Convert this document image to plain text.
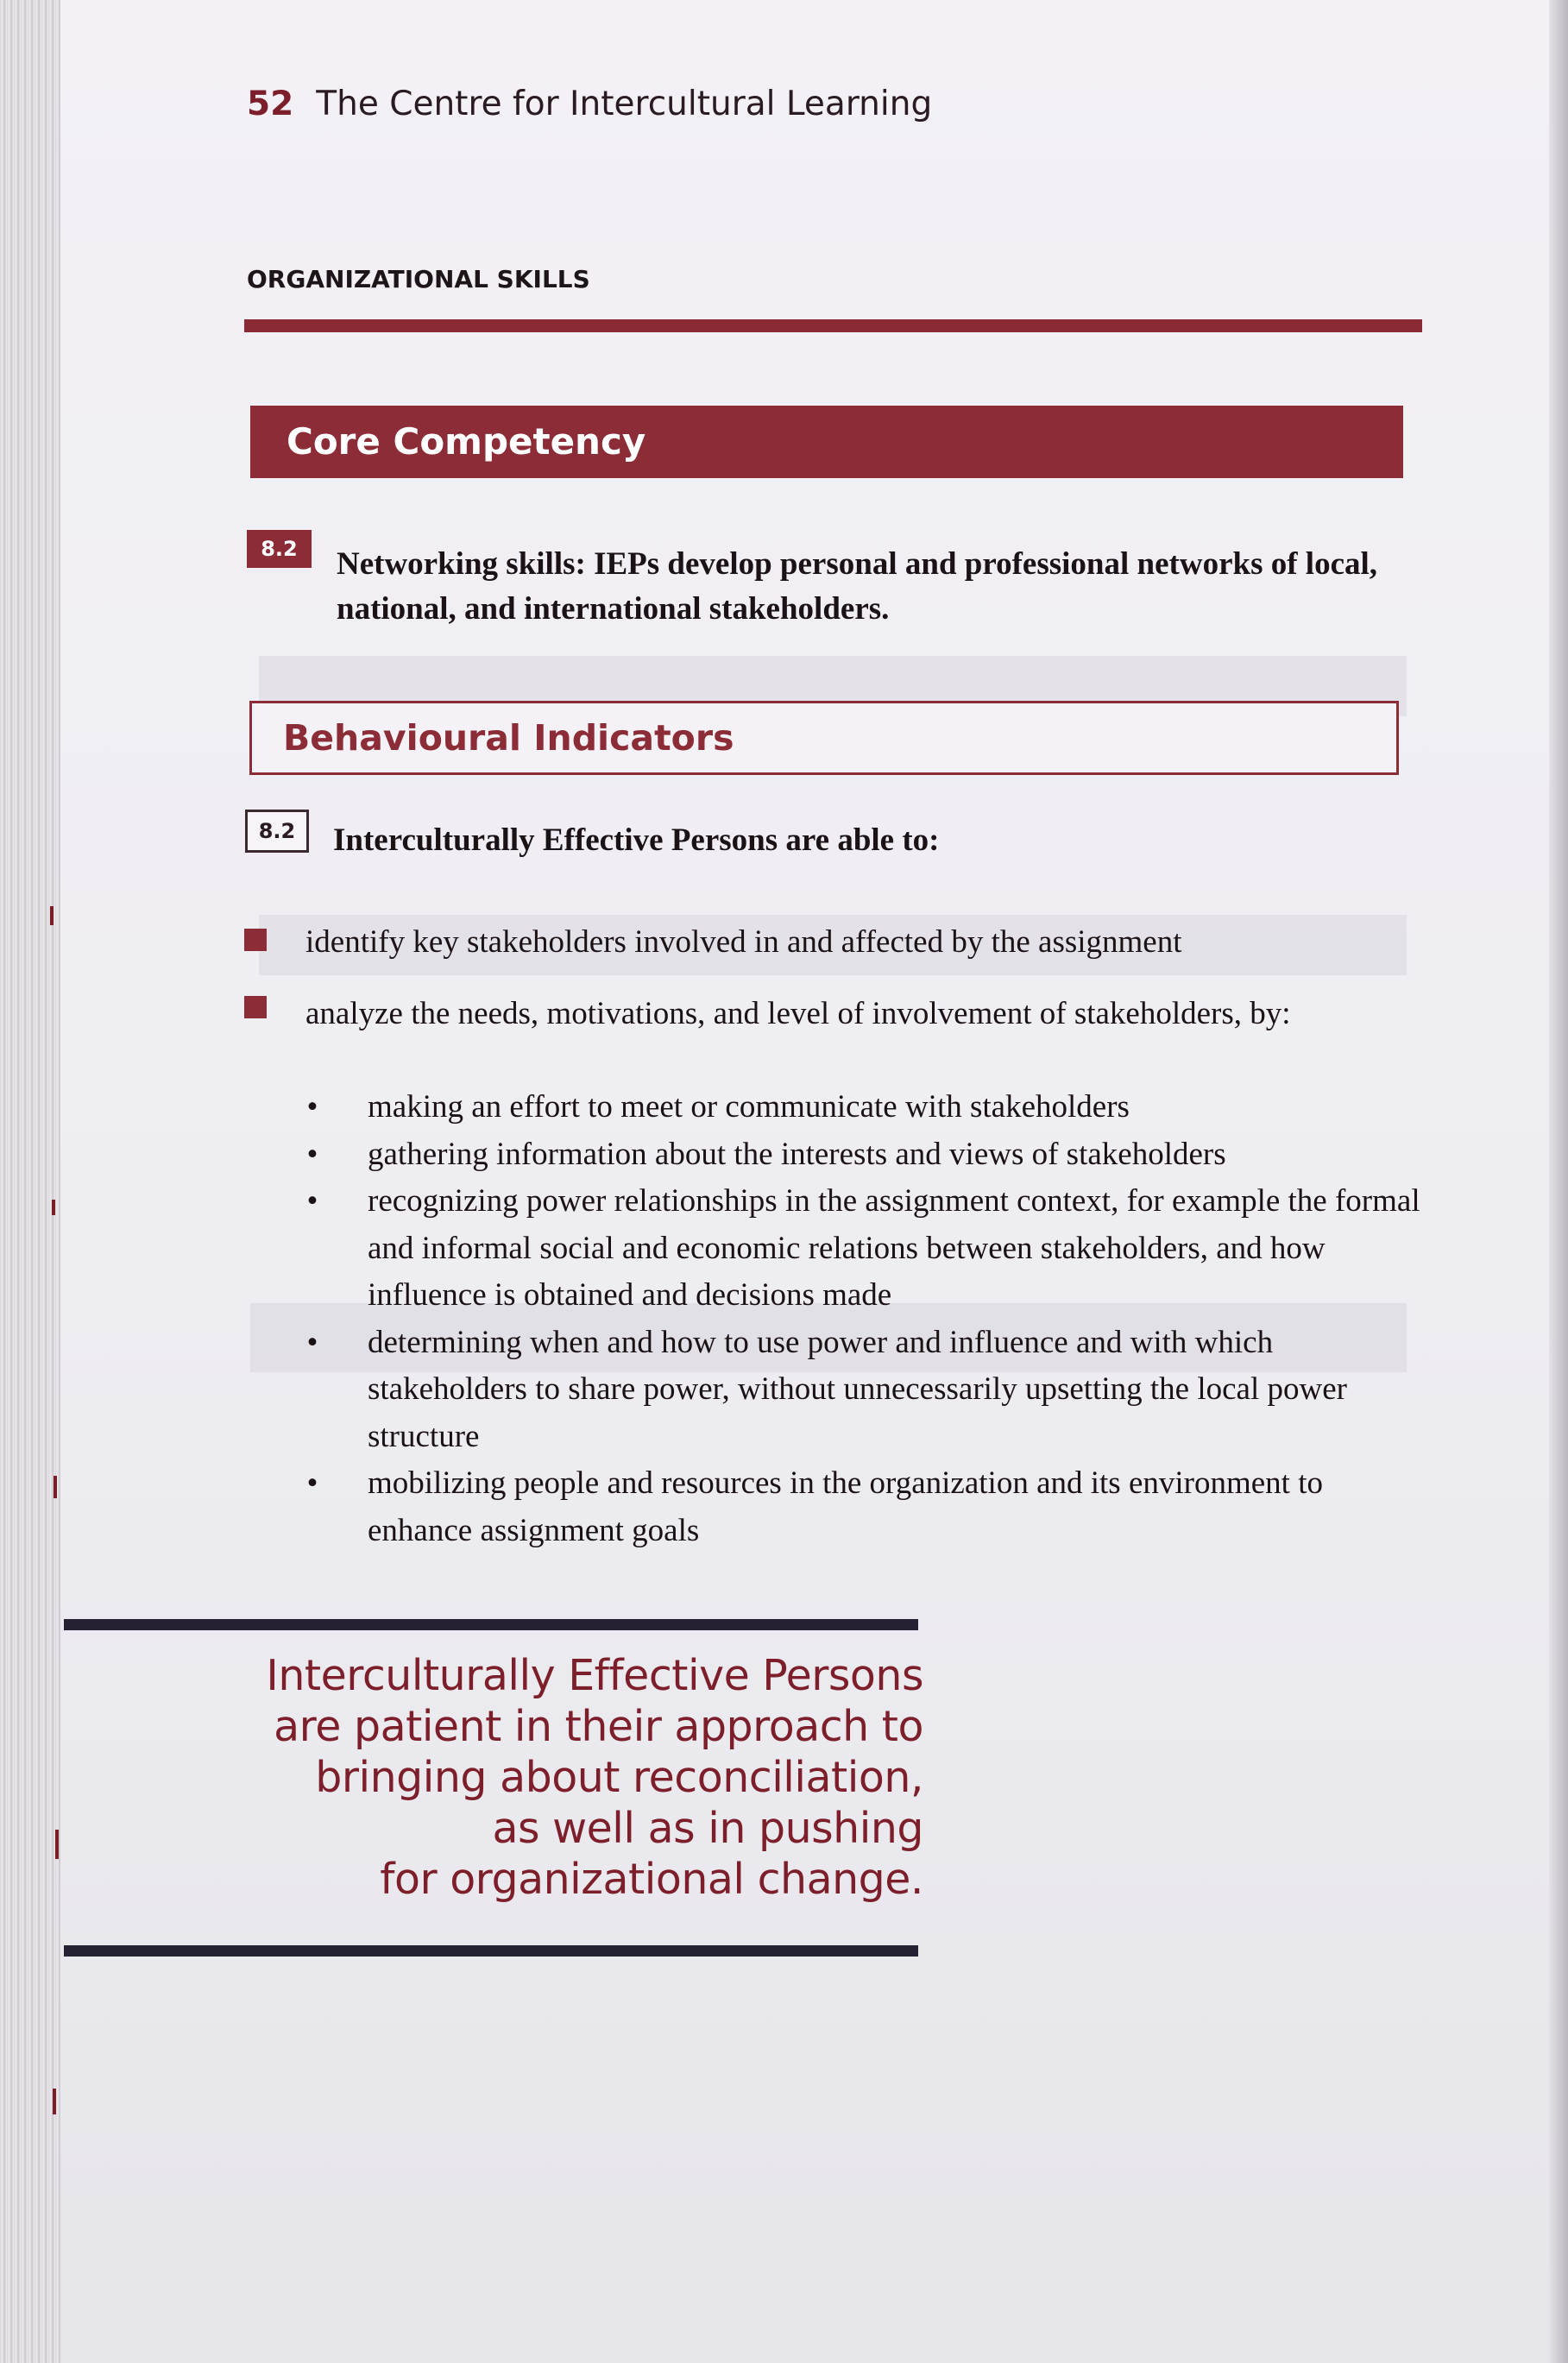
52 The Centre for Intercultural Learning
ORGANIZATIONAL SKILLS
Core Competency
8.2	Networking skills: IEPs develop personal and professional networks of local, national, and international stakeholders.
Behavioural Indicators
8.2	Interculturally Effective Persons are able to:
identify key stakeholders involved in and affected by the assignment
analyze the needs, motivations, and level of involvement of stakeholders, by:
• making an effort to meet or communicate with stakeholders
• gathering information about the interests and views of stakeholders
• recognizing power relationships in the assignment context, for example the formal and informal social and economic relations between stakeholders, and how influence is obtained and decisions made
• determining when and how to use power and influence and with which stakeholders to share power, without unnecessarily upsetting the local power structure
• mobilizing people and resources in the organization and its environment to enhance assignment goals
Interculturally Effective Persons
are patient in their approach to
bringing about reconciliation,
as well as in pushing
for organizational change.
